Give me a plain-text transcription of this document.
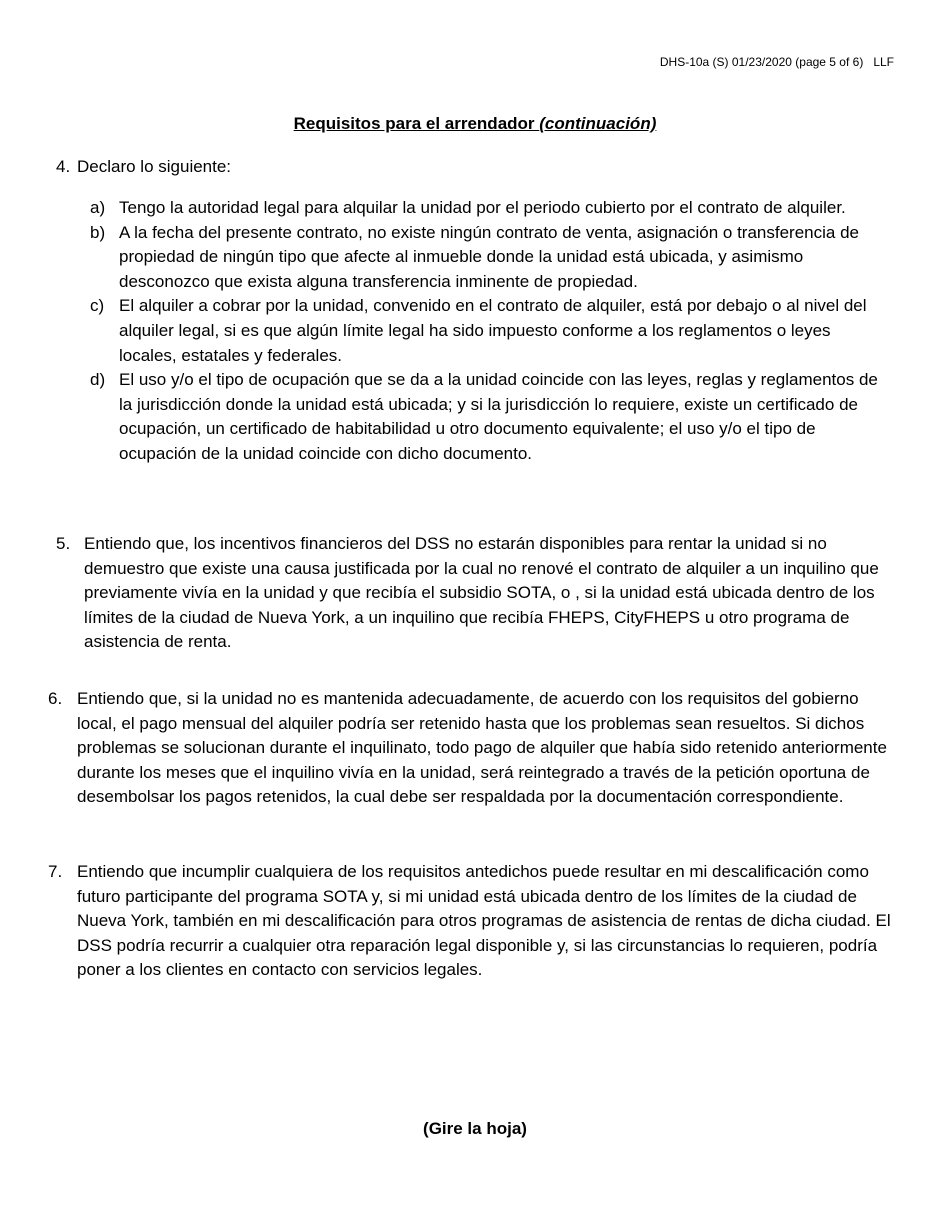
DHS-10a (S) 01/23/2020 (page 5 of 6)   LLF
Requisitos para el arrendador (continuación)
4. Declaro lo siguiente:
a) Tengo la autoridad legal para alquilar la unidad por el periodo cubierto por el contrato de alquiler.
b) A la fecha del presente contrato, no existe ningún contrato de venta, asignación o transferencia de propiedad de ningún tipo que afecte al inmueble donde la unidad está ubicada, y asimismo desconozco que exista alguna transferencia inminente de propiedad.
c) El alquiler a cobrar por la unidad, convenido en el contrato de alquiler, está por debajo o al nivel del alquiler legal, si es que algún límite legal ha sido impuesto conforme a los reglamentos o leyes locales, estatales y federales.
d) El uso y/o el tipo de ocupación que se da a la unidad coincide con las leyes, reglas y reglamentos de la jurisdicción donde la unidad está ubicada; y si la jurisdicción lo requiere, existe un certificado de ocupación, un certificado de habitabilidad u otro documento equivalente; el uso y/o el tipo de ocupación de la unidad coincide con dicho documento.
5. Entiendo que, los incentivos financieros del DSS no estarán disponibles para rentar la unidad si no demuestro que existe una causa justificada por la cual no renové el contrato de alquiler a un inquilino que previamente vivía en la unidad y que recibía el subsidio SOTA, o , si la unidad está ubicada dentro de los límites de la ciudad de Nueva York, a un inquilino que recibía FHEPS, CityFHEPS u otro programa de asistencia de renta.
6. Entiendo que, si la unidad no es mantenida adecuadamente, de acuerdo con los requisitos del gobierno local, el pago mensual del alquiler podría ser retenido hasta que los problemas sean resueltos. Si dichos problemas se solucionan durante el inquilinato, todo pago de alquiler que había sido retenido anteriormente durante los meses que el inquilino vivía en la unidad, será reintegrado a través de la petición oportuna de desembolsar los pagos retenidos, la cual debe ser respaldada por la documentación correspondiente.
7. Entiendo que incumplir cualquiera de los requisitos antedichos puede resultar en mi descalificación como futuro participante del programa SOTA y, si mi unidad está ubicada dentro de los límites de la ciudad de Nueva York, también en mi descalificación para otros programas de asistencia de rentas de dicha ciudad. El DSS podría recurrir a cualquier otra reparación legal disponible y, si las circunstancias lo requieren, podría poner a los clientes en contacto con servicios legales.
(Gire la hoja)
